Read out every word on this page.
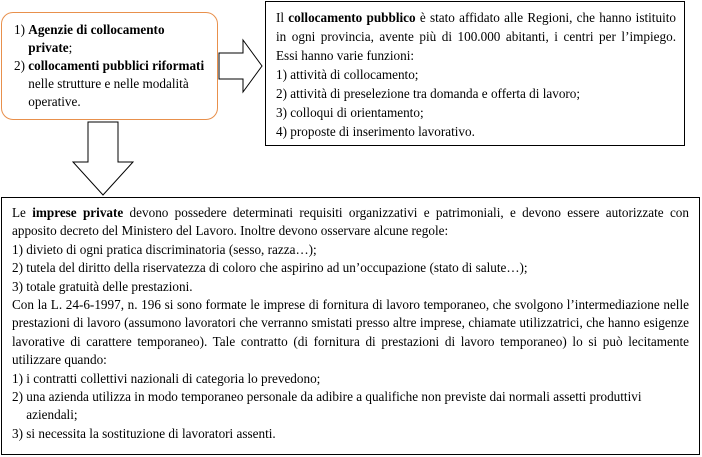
1)
Agenzie di collocamento private;
2)
collocamenti pubblici riformati nelle strutture e nelle modalità operative.

Il collocamento pubblico è stato affidato alle Regioni, che hanno istituito in ogni provincia, avente più di 100.000 abitanti, i centri per l’impiego. Essi hanno varie funzioni:

1)
attività di collocamento;
2)
attività di preselezione tra domanda e offerta di lavoro;
3)
colloqui di orientamento;
4)
proposte di inserimento lavorativo.

Le imprese private devono possedere determinati requisiti organizzativi e patrimoniali, e devono essere autorizzate con apposito decreto del Ministero del Lavoro. Inoltre devono osservare alcune regole:

1)
divieto di ogni pratica discriminatoria (sesso, razza…);
2)
tutela del diritto della riservatezza di coloro che aspirino ad un’occupazione (stato di salute…);
3)
totale gratuità delle prestazioni.

Con la L. 24-6-1997, n. 196 si sono formate le imprese di fornitura di lavoro temporaneo, che svolgono l’intermediazione nelle prestazioni di lavoro (assumono lavoratori che verranno smistati presso altre imprese, chiamate utilizzatrici, che hanno esigenze lavorative di carattere temporaneo). Tale contratto (di fornitura di prestazioni di lavoro temporaneo) lo si può lecitamente utilizzare quando:

1)
i contratti collettivi nazionali di categoria lo prevedono;
2)
una azienda utilizza in modo temporaneo personale da adibire a qualifiche non previste dai normali assetti produttivi aziendali;
3)
si necessita la sostituzione di lavoratori assenti.
